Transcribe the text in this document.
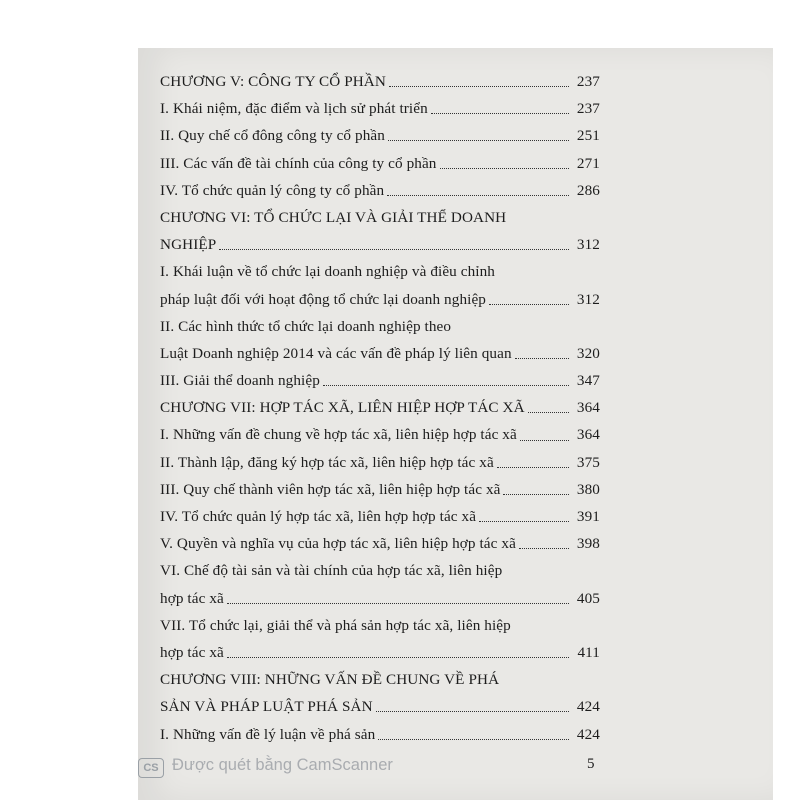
CHƯƠNG V: CÔNG TY CỔ PHẦN	237
I. Khái niệm, đặc điểm và lịch sử phát triển	237
II. Quy chế cổ đông công ty cổ phần	251
III. Các vấn đề tài chính của công ty cổ phần	271
IV. Tổ chức quản lý công ty cổ phần	286
CHƯƠNG VI: TỔ CHỨC LẠI VÀ GIẢI THỂ DOANH
NGHIỆP	312
I. Khái luận về tổ chức lại doanh nghiệp và điều chỉnh
pháp luật đối với hoạt động tổ chức lại doanh nghiệp	312
II. Các hình thức tổ chức lại doanh nghiệp theo
Luật Doanh nghiệp 2014 và các vấn đề pháp lý liên quan	320
III. Giải thể doanh nghiệp	347
CHƯƠNG VII: HỢP TÁC XÃ, LIÊN HIỆP HỢP TÁC XÃ	364
I. Những vấn đề chung về hợp tác xã, liên hiệp hợp tác xã	364
II. Thành lập, đăng ký hợp tác xã, liên hiệp hợp tác xã	375
III. Quy chế thành viên hợp tác xã, liên hiệp hợp tác xã	380
IV. Tổ chức quản lý hợp tác xã, liên hợp hợp tác xã	391
V. Quyền và nghĩa vụ của hợp tác xã, liên hiệp hợp tác xã	398
VI. Chế độ tài sản và tài chính của hợp tác xã, liên hiệp
hợp tác xã	405
VII. Tổ chức lại, giải thể và phá sản hợp tác xã, liên hiệp
hợp tác xã	411
CHƯƠNG VIII: NHỮNG VẤN ĐỀ CHUNG VỀ PHÁ
SẢN VÀ PHÁP LUẬT PHÁ SẢN	424
I. Những vấn đề lý luận về phá sản	424
CS Được quét bằng CamScanner	5
